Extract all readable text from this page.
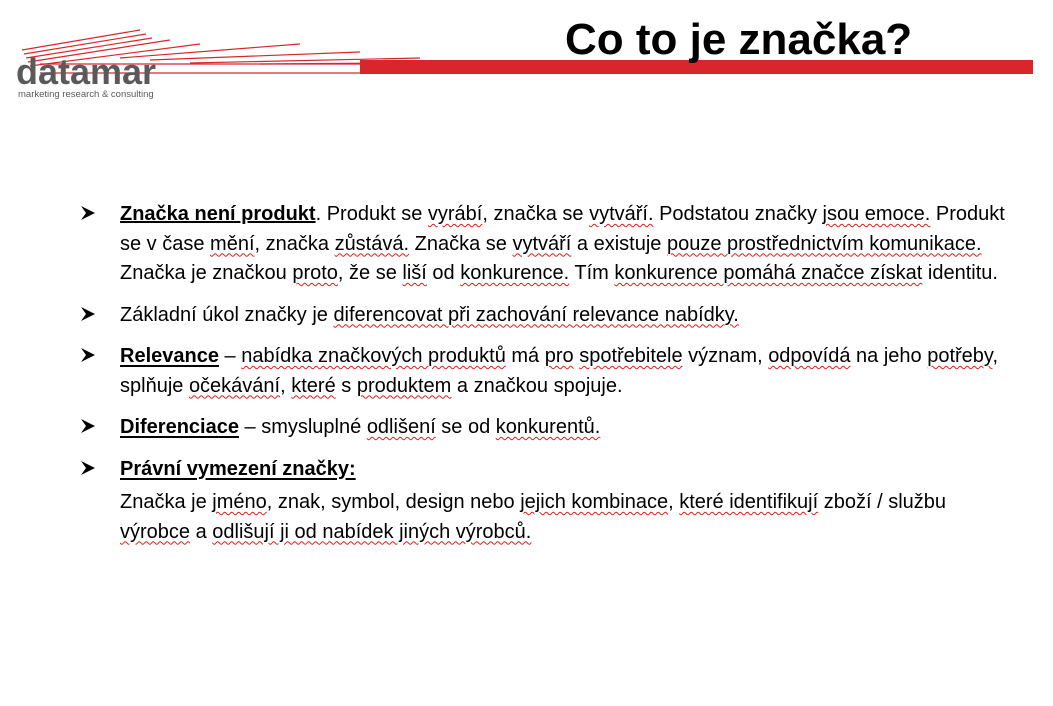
datamar
marketing research & consulting
Co to je značka?

Značka není produkt. Produkt se vyrábí, značka se vytváří. Podstatou značky jsou emoce. Produkt se v čase mění, značka zůstává. Značka se vytváří a existuje pouze prostřednictvím komunikace. Značka je značkou proto, že se liší od konkurence. Tím konkurence pomáhá značce získat identitu.

Základní úkol značky je diferencovat při zachování relevance nabídky.

Relevance – nabídka značkových produktů má pro spotřebitele význam, odpovídá na jeho potřeby, splňuje očekávání, které s produktem a značkou spojuje.

Diferenciace – smysluplné odlišení se od konkurentů.

Právní vymezení značky:

Značka je jméno, znak, symbol, design nebo jejich kombinace, které identifikují zboží / službu výrobce a odlišují ji od nabídek jiných výrobců.
